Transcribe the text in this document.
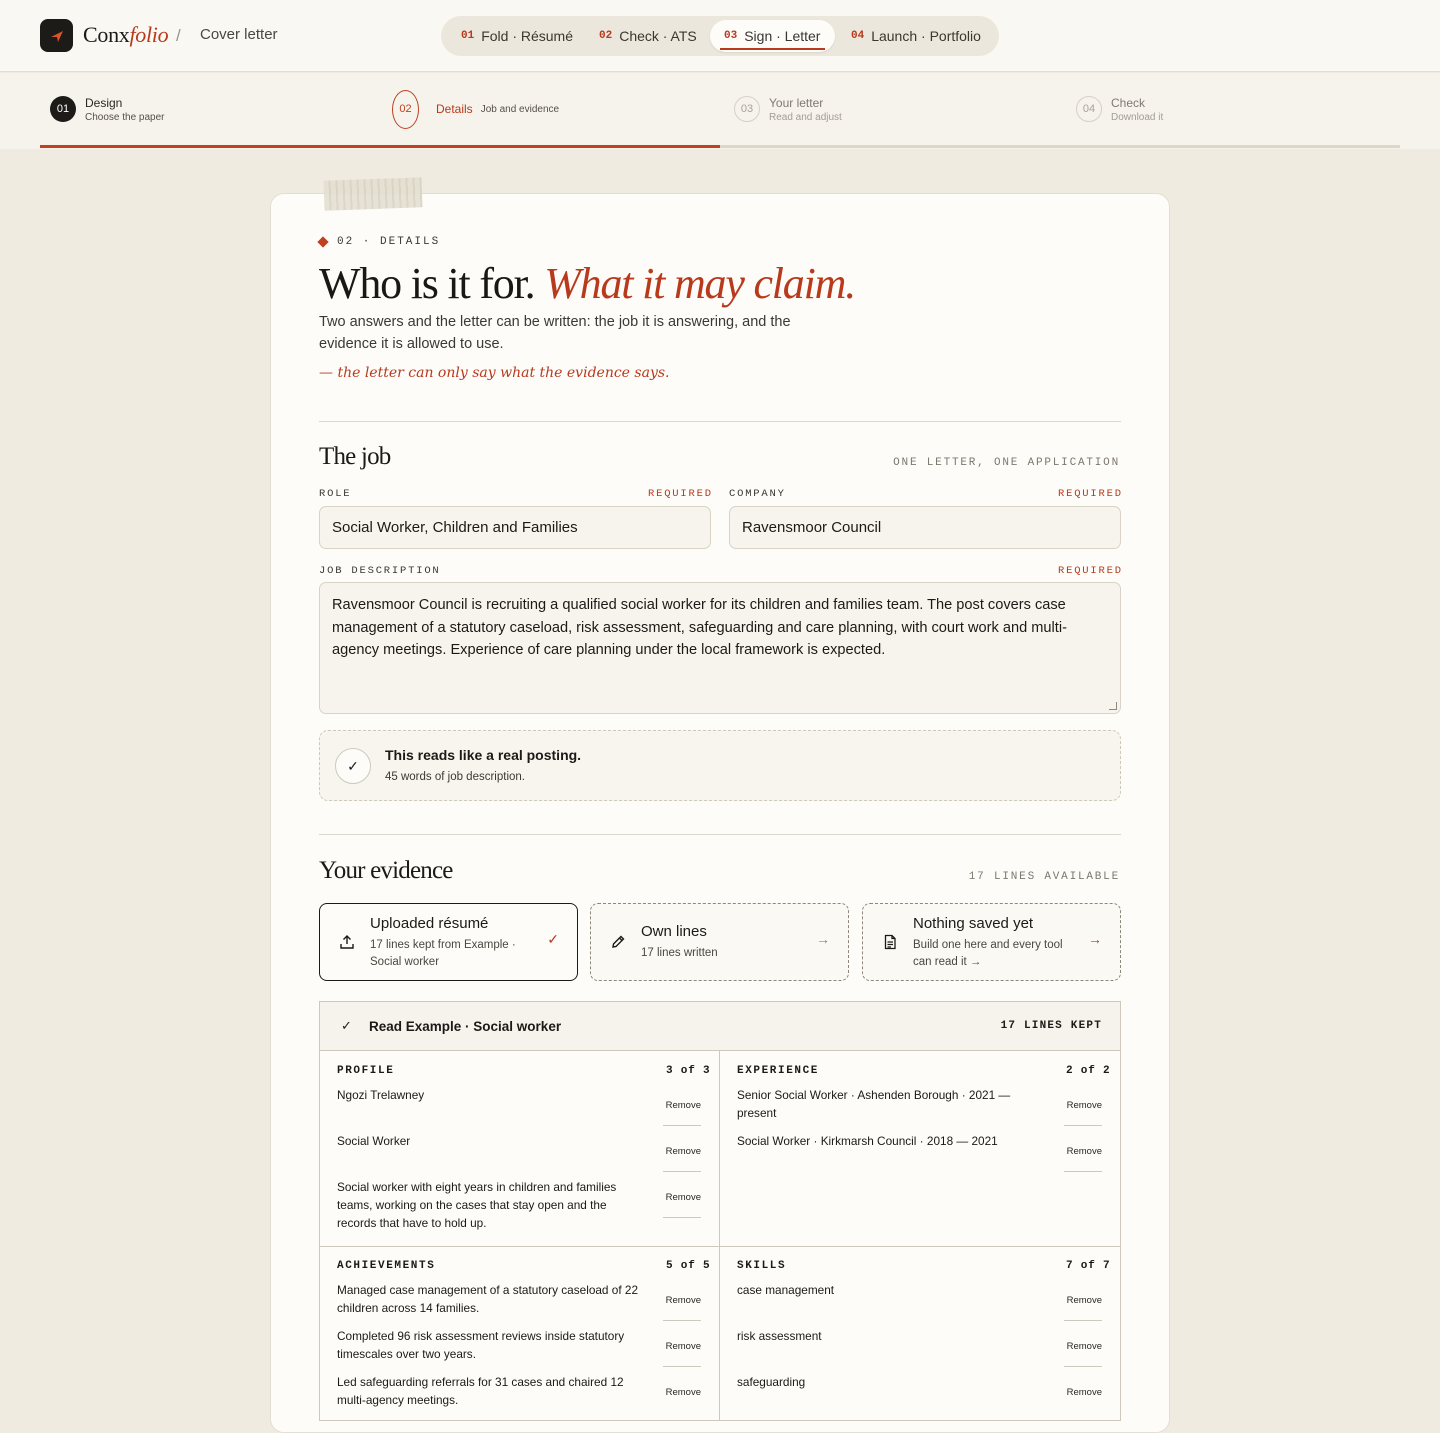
Conxfolio / Cover letter	01 Fold · Résumé 02 Check · ATS 03 Sign · Letter	04 Launch · Portfolio
01	Design
Choose the paper
02	Details Job and evidence	03	Your letter
Read and adjust
04	Check
Download it
02 · DETAILS
Who is it for. What it may claim.
Two answers and the letter can be written: the job it is answering, and the evidence it is allowed to use.
— the letter can only say what the evidence says.
The job	ONE LETTER, ONE APPLICATION
ROLE	REQUIRED COMPANY	REQUIRED
Social Worker, Children and Families	Ravensmoor Council
JOB DESCRIPTION	REQUIRED
Ravensmoor Council is recruiting a qualified social worker for its children and families team. The post covers case management of a statutory caseload, risk assessment, safeguarding and care planning, with court work and multi-agency meetings. Experience of care planning under the local framework is expected.
✓
This reads like a real posting.
45 words of job description.
Your evidence	17 LINES AVAILABLE
Uploaded résumé
17 lines kept from Example · Social worker
✓	Own lines
17 lines written
→
Nothing saved yet
Build one here and every tool can read it →
→
✓ Read Example · Social worker	17 LINES KEPT
PROFILE	3 of 3
Ngozi Trelawney
Remove
Social Worker
Remove
Social worker with eight years in children and families teams, working on the cases that stay open and the records that have to hold up.
Remove
EXPERIENCE	2 of 2
Senior Social Worker · Ashenden Borough · 2021 — present
Remove
Social Worker · Kirkmarsh Council · 2018 — 2021
Remove
ACHIEVEMENTS	5 of 5
Managed case management of a statutory caseload of 22 children across 14 families.
Remove
Completed 96 risk assessment reviews inside statutory timescales over two years.
Remove
Led safeguarding referrals for 31 cases and chaired 12 multi-agency meetings.
Remove
SKILLS	7 of 7
case management
Remove
risk assessment
Remove
safeguarding
Remove
